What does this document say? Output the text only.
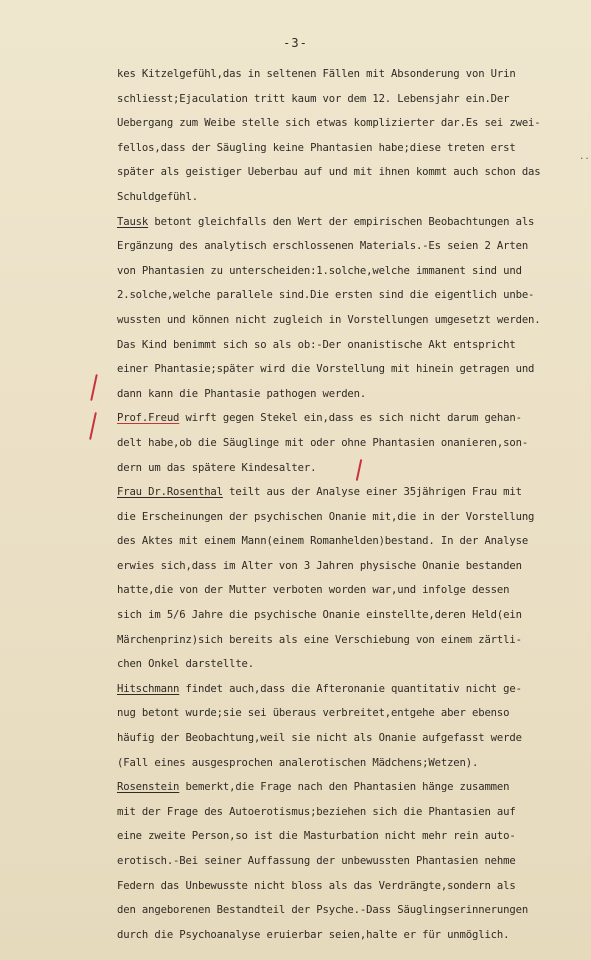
-3-
..
kes Kitzelgefühl,das in seltenen Fällen mit Absonderung von Urin
schliesst;Ejaculation tritt kaum vor dem 12. Lebensjahr ein.Der
Uebergang zum Weibe stelle sich etwas komplizierter dar.Es sei zwei-
fellos,dass der Säugling keine Phantasien habe;diese treten erst
später als geistiger Ueberbau auf und mit ihnen kommt auch schon das
Schuldgefühl.
Tausk betont gleichfalls den Wert der empirischen Beobachtungen als
Ergänzung des analytisch erschlossenen Materials.-Es seien 2 Arten
von Phantasien zu unterscheiden:1.solche,welche immanent sind und
2.solche,welche parallele sind.Die ersten sind die eigentlich unbe-
wussten und können nicht zugleich in Vorstellungen umgesetzt werden.
Das Kind benimmt sich so als ob:-Der onanistische Akt entspricht
einer Phantasie;später wird die Vorstellung mit hinein getragen und
dann kann die Phantasie pathogen werden.
Prof.Freud wirft gegen Stekel ein,dass es sich nicht darum gehan-
delt habe,ob die Säuglinge mit oder ohne Phantasien onanieren,son-
dern um das spätere Kindesalter.
Frau Dr.Rosenthal teilt aus der Analyse einer 35jährigen Frau mit
die Erscheinungen der psychischen Onanie mit,die in der Vorstellung
des Aktes mit einem Mann(einem Romanhelden)bestand. In der Analyse
erwies sich,dass im Alter von 3 Jahren physische Onanie bestanden
hatte,die von der Mutter verboten worden war,und infolge dessen
sich im 5/6 Jahre die psychische Onanie einstellte,deren Held(ein
Märchenprinz)sich bereits als eine Verschiebung von einem zärtli-
chen Onkel darstellte.
Hitschmann findet auch,dass die Afteronanie quantitativ nicht ge-
nug betont wurde;sie sei überaus verbreitet,entgehe aber ebenso
häufig der Beobachtung,weil sie nicht als Onanie aufgefasst werde
(Fall eines ausgesprochen analerotischen Mädchens;Wetzen).
Rosenstein bemerkt,die Frage nach den Phantasien hänge zusammen
mit der Frage des Autoerotismus;beziehen sich die Phantasien auf
eine zweite Person,so ist die Masturbation nicht mehr rein auto-
erotisch.-Bei seiner Auffassung der unbewussten Phantasien nehme
Federn das Unbewusste nicht bloss als das Verdrängte,sondern als
den angeborenen Bestandteil der Psyche.-Dass Säuglingserinnerungen
durch die Psychoanalyse eruierbar seien,halte er für unmöglich.
